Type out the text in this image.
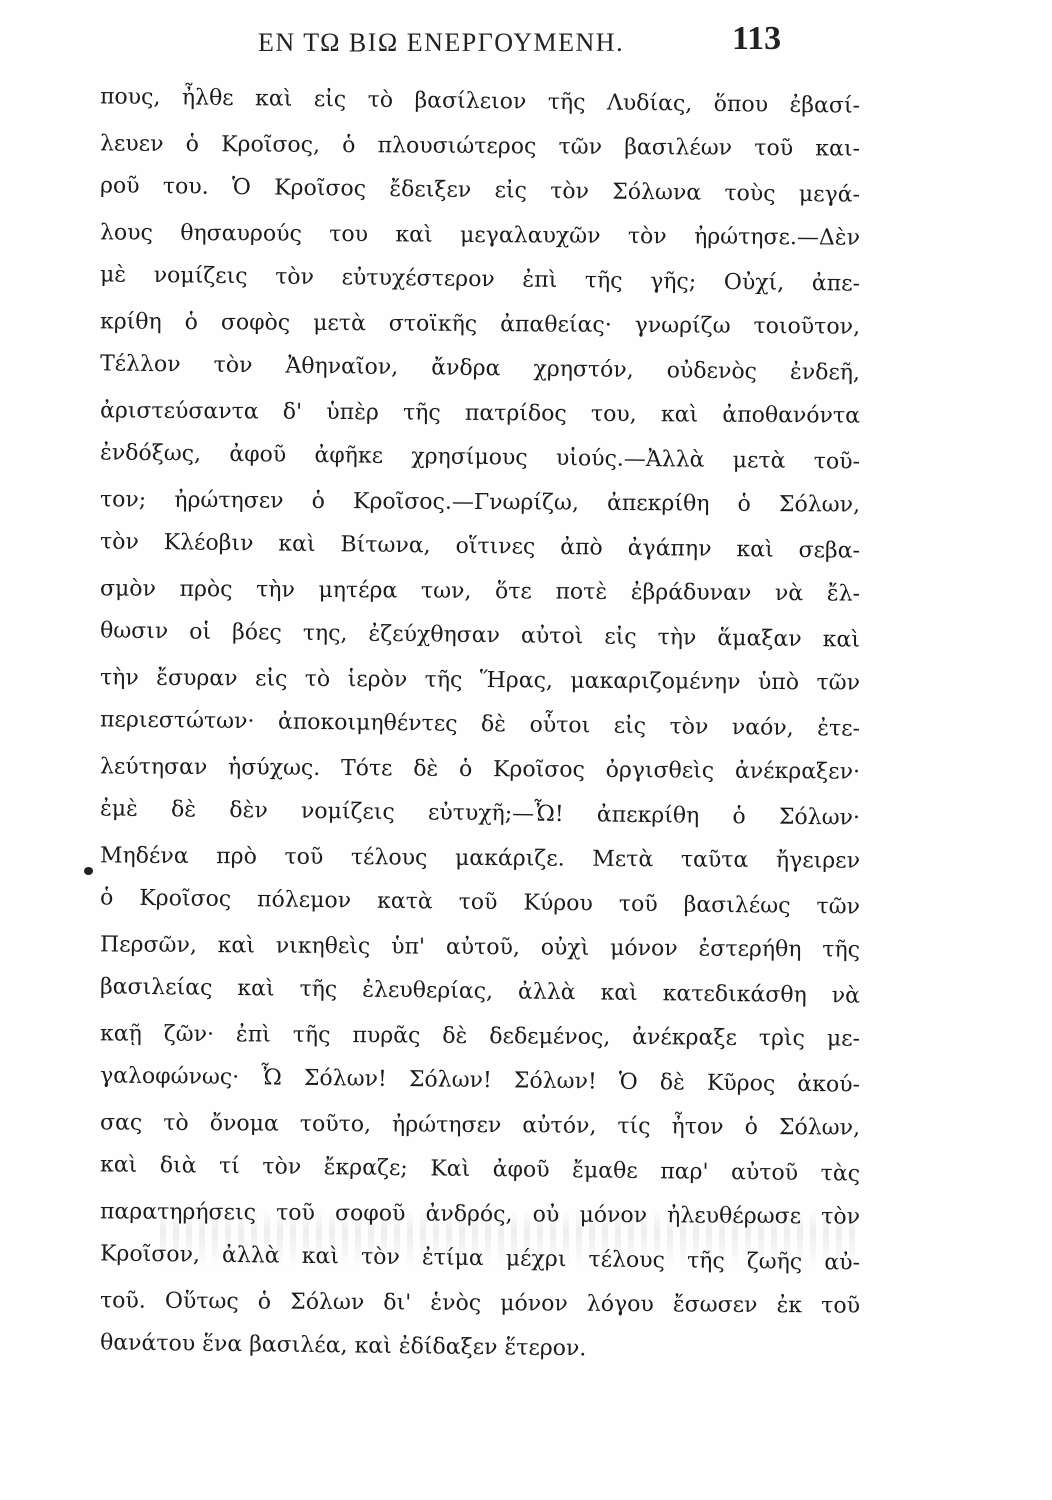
ΕΝ ΤΩ ΒΙΩ ΕΝΕΡΓΟΥΜΕΝΗ.	113
πους, ἦλθε καὶ εἰς τὸ βασίλειον τῆς Λυδίας, ὅπου ἐβασί-
λευεν ὁ Κροῖσος, ὁ πλουσιώτερος τῶν βασιλέων τοῦ και-
ροῦ του. Ὁ Κροῖσος ἔδειξεν εἰς τὸν Σόλωνα τοὺς μεγά-
λους θησαυρούς του καὶ μεγαλαυχῶν τὸν ἠρώτησε.—Δὲν
μὲ νομίζεις τὸν εὐτυχέστερον ἐπὶ τῆς γῆς; Οὐχί, ἀπε-
κρίθη ὁ σοφὸς μετὰ στοϊκῆς ἀπαθείας· γνωρίζω τοιοῦτον,
Τέλλον τὸν Ἀθηναῖον, ἄνδρα χρηστόν, οὐδενὸς ἐνδεῆ,
ἀριστεύσαντα δ' ὑπὲρ τῆς πατρίδος του, καὶ ἀποθανόντα
ἐνδόξως, ἀφοῦ ἀφῆκε χρησίμους υἱούς.—Ἀλλὰ μετὰ τοῦ-
τον; ἠρώτησεν ὁ Κροῖσος.—Γνωρίζω, ἀπεκρίθη ὁ Σόλων,
τὸν Κλέοβιν καὶ Βίτωνα, οἵτινες ἀπὸ ἀγάπην καὶ σεβα-
σμὸν πρὸς τὴν μητέρα των, ὅτε ποτὲ ἐβράδυναν νὰ ἔλ-
θωσιν οἱ βόες της, ἐζεύχθησαν αὐτοὶ εἰς τὴν ἅμαξαν καὶ
τὴν ἔσυραν εἰς τὸ ἱερὸν τῆς Ἥρας, μακαριζομένην ὑπὸ τῶν
περιεστώτων· ἀποκοιμηθέντες δὲ οὗτοι εἰς τὸν ναόν, ἐτε-
λεύτησαν ἡσύχως. Τότε δὲ ὁ Κροῖσος ὀργισθεὶς ἀνέκραξεν·
ἐμὲ δὲ δὲν νομίζεις εὐτυχῆ;—Ὦ! ἀπεκρίθη ὁ Σόλων·
Μηδένα πρὸ τοῦ τέλους μακάριζε. Μετὰ ταῦτα ἤγειρεν
ὁ Κροῖσος πόλεμον κατὰ τοῦ Κύρου τοῦ βασιλέως τῶν
Περσῶν, καὶ νικηθεὶς ὑπ' αὐτοῦ, οὐχὶ μόνον ἐστερήθη τῆς
βασιλείας καὶ τῆς ἐλευθερίας, ἀλλὰ καὶ κατεδικάσθη νὰ
καῇ ζῶν· ἐπὶ τῆς πυρᾶς δὲ δεδεμένος, ἀνέκραξε τρὶς με-
γαλοφώνως· Ὦ Σόλων! Σόλων! Σόλων! Ὁ δὲ Κῦρος ἀκού-
σας τὸ ὄνομα τοῦτο, ἠρώτησεν αὐτόν, τίς ἦτον ὁ Σόλων,
καὶ διὰ τί τὸν ἔκραζε; Καὶ ἀφοῦ ἔμαθε παρ' αὐτοῦ τὰς
παρατηρήσεις τοῦ σοφοῦ ἀνδρός, οὐ μόνον ἠλευθέρωσε τὸν
Κροῖσον, ἀλλὰ καὶ τὸν ἐτίμα μέχρι τέλους τῆς ζωῆς αὐ-
τοῦ. Οὕτως ὁ Σόλων δι' ἑνὸς μόνον λόγου ἔσωσεν ἐκ τοῦ
θανάτου ἕνα βασιλέα, καὶ ἐδίδαξεν ἕτερον.
